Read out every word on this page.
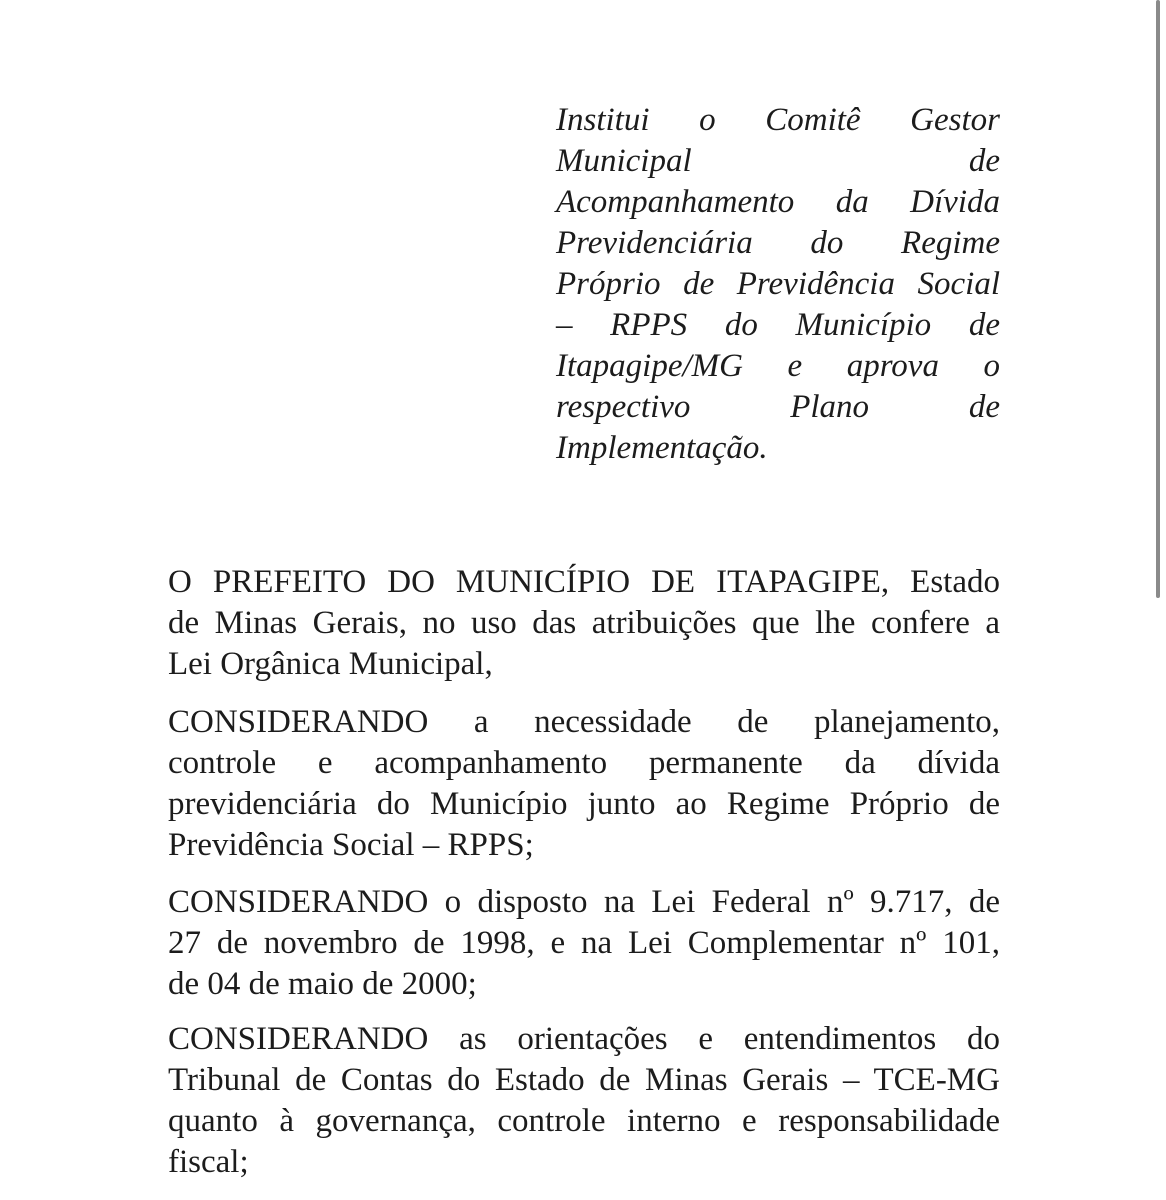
Institui o Comitê Gestor
Municipal de
Acompanhamento da Dívida
Previdenciária do Regime
Próprio de Previdência Social
– RPPS do Município de
Itapagipe/MG e aprova o
respectivo Plano de
Implementação.
O PREFEITO DO MUNICÍPIO DE ITAPAGIPE, Estado
de Minas Gerais, no uso das atribuições que lhe confere a
Lei Orgânica Municipal,
CONSIDERANDO a necessidade de planejamento,
controle e acompanhamento permanente da dívida
previdenciária do Município junto ao Regime Próprio de
Previdência Social – RPPS;
CONSIDERANDO o disposto na Lei Federal nº 9.717, de
27 de novembro de 1998, e na Lei Complementar nº 101,
de 04 de maio de 2000;
CONSIDERANDO as orientações e entendimentos do
Tribunal de Contas do Estado de Minas Gerais – TCE-MG
quanto à governança, controle interno e responsabilidade
fiscal;
